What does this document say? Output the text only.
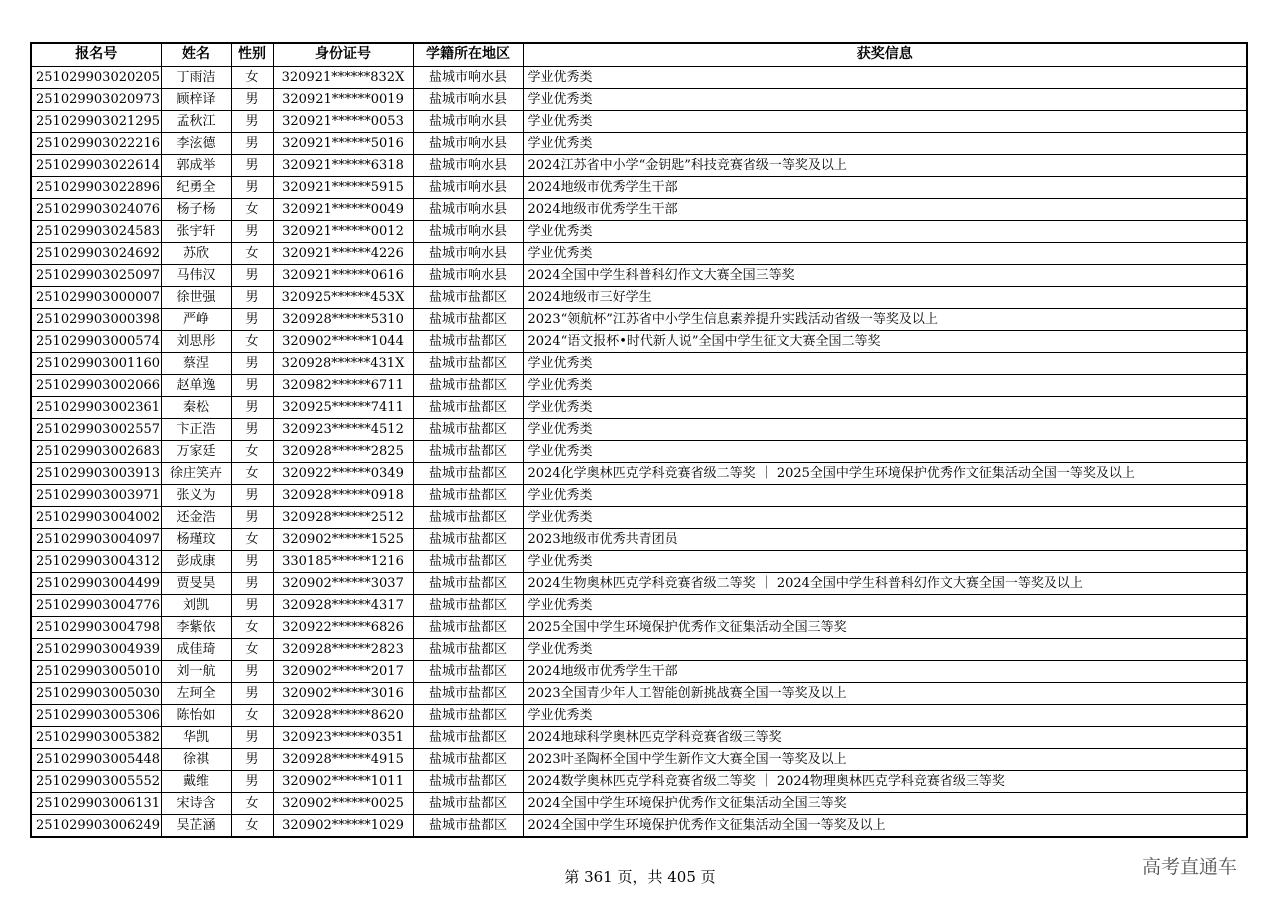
报名号	姓名	性别	身份证号	学籍所在地区	获奖信息
251029903020205	丁雨洁	女	320921******832X	盐城市响水县	学业优秀类
251029903020973	顾梓译	男	320921******0019	盐城市响水县	学业优秀类
251029903021295	孟秋江	男	320921******0053	盐城市响水县	学业优秀类
251029903022216	李泫德	男	320921******5016	盐城市响水县	学业优秀类
251029903022614	郭成举	男	320921******6318	盐城市响水县	2024江苏省中小学“金钥匙”科技竞赛省级一等奖及以上
251029903022896	纪勇全	男	320921******5915	盐城市响水县	2024地级市优秀学生干部
251029903024076	杨子杨	女	320921******0049	盐城市响水县	2024地级市优秀学生干部
251029903024583	张宇轩	男	320921******0012	盐城市响水县	学业优秀类
251029903024692	苏欣	女	320921******4226	盐城市响水县	学业优秀类
251029903025097	马伟汉	男	320921******0616	盐城市响水县	2024全国中学生科普科幻作文大赛全国三等奖
251029903000007	徐世强	男	320925******453X	盐城市盐都区	2024地级市三好学生
251029903000398	严峥	男	320928******5310	盐城市盐都区	2023“领航杯”江苏省中小学生信息素养提升实践活动省级一等奖及以上
251029903000574	刘思彤	女	320902******1044	盐城市盐都区	2024“语文报杯•时代新人说”全国中学生征文大赛全国二等奖
251029903001160	蔡涅	男	320928******431X	盐城市盐都区	学业优秀类
251029903002066	赵单逸	男	320982******6711	盐城市盐都区	学业优秀类
251029903002361	秦松	男	320925******7411	盐城市盐都区	学业优秀类
251029903002557	卞正浩	男	320923******4512	盐城市盐都区	学业优秀类
251029903002683	万家廷	女	320928******2825	盐城市盐都区	学业优秀类
251029903003913	徐庄笑卉	女	320922******0349	盐城市盐都区	2024化学奥林匹克学科竞赛省级二等奖 ｜ 2025全国中学生环境保护优秀作文征集活动全国一等奖及以上
251029903003971	张义为	男	320928******0918	盐城市盐都区	学业优秀类
251029903004002	还金浩	男	320928******2512	盐城市盐都区	学业优秀类
251029903004097	杨瑾玟	女	320902******1525	盐城市盐都区	2023地级市优秀共青团员
251029903004312	彭成康	男	330185******1216	盐城市盐都区	学业优秀类
251029903004499	贾旻昊	男	320902******3037	盐城市盐都区	2024生物奥林匹克学科竞赛省级二等奖 ｜ 2024全国中学生科普科幻作文大赛全国一等奖及以上
251029903004776	刘凯	男	320928******4317	盐城市盐都区	学业优秀类
251029903004798	李紫依	女	320922******6826	盐城市盐都区	2025全国中学生环境保护优秀作文征集活动全国三等奖
251029903004939	成佳琦	女	320928******2823	盐城市盐都区	学业优秀类
251029903005010	刘一航	男	320902******2017	盐城市盐都区	2024地级市优秀学生干部
251029903005030	左珂全	男	320902******3016	盐城市盐都区	2023全国青少年人工智能创新挑战赛全国一等奖及以上
251029903005306	陈怡如	女	320928******8620	盐城市盐都区	学业优秀类
251029903005382	华凯	男	320923******0351	盐城市盐都区	2024地球科学奥林匹克学科竞赛省级三等奖
251029903005448	徐祺	男	320928******4915	盐城市盐都区	2023叶圣陶杯全国中学生新作文大赛全国一等奖及以上
251029903005552	戴维	男	320902******1011	盐城市盐都区	2024数学奥林匹克学科竞赛省级二等奖 ｜ 2024物理奥林匹克学科竞赛省级三等奖
251029903006131	宋诗含	女	320902******0025	盐城市盐都区	2024全国中学生环境保护优秀作文征集活动全国三等奖
251029903006249	吴芷涵	女	320902******1029	盐城市盐都区	2024全国中学生环境保护优秀作文征集活动全国一等奖及以上
第 361 页，共 405 页	高考直通车
